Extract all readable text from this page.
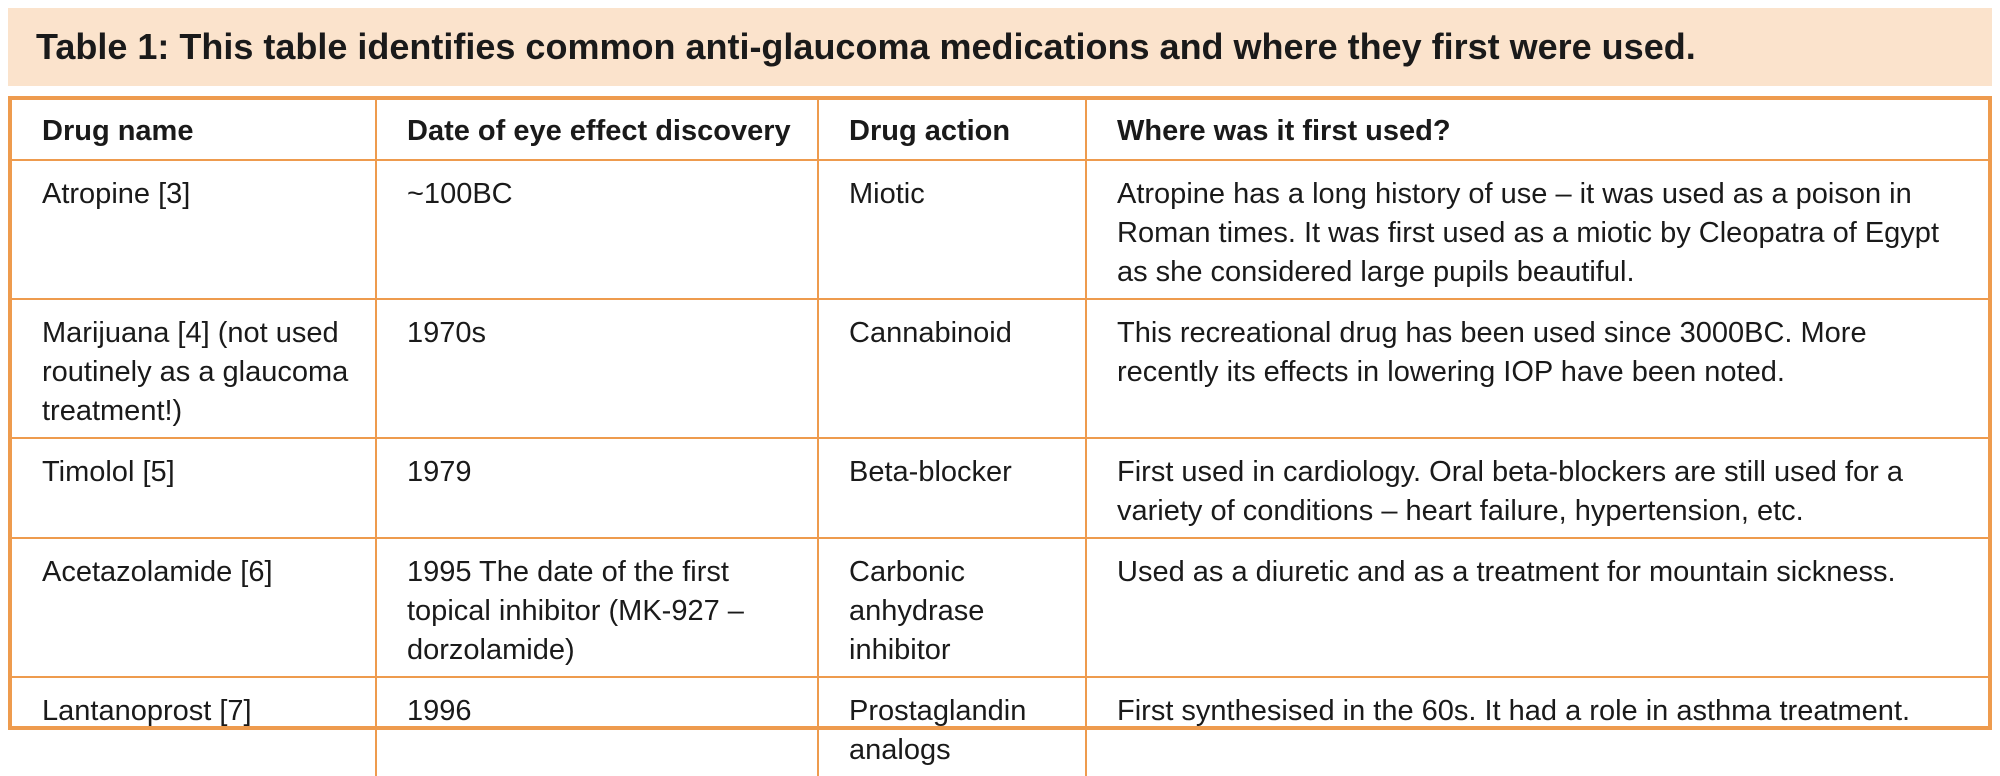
Table 1: This table identifies common anti-glaucoma medications and where they first were used.
Drug name	Date of eye effect discovery	Drug action	Where was it first used?
Atropine [3]	~100BC	Miotic	Atropine has a long history of use – it was used as a poison in Roman times. It was first used as a miotic by Cleopatra of Egypt as she considered large pupils beautiful.
Marijuana [4] (not used routinely as a glaucoma treatment!)	1970s	Cannabinoid	This recreational drug has been used since 3000BC. More recently its effects in lowering IOP have been noted.
Timolol [5]	1979	Beta-blocker	First used in cardiology. Oral beta-blockers are still used for a variety of conditions – heart failure, hypertension, etc.
Acetazolamide [6]	1995 The date of the first topical inhibitor (MK-927 – dorzolamide)	Carbonic anhydrase inhibitor	Used as a diuretic and as a treatment for mountain sickness.
Lantanoprost [7]	1996	Prostaglandin analogs	First synthesised in the 60s. It had a role in asthma treatment.
